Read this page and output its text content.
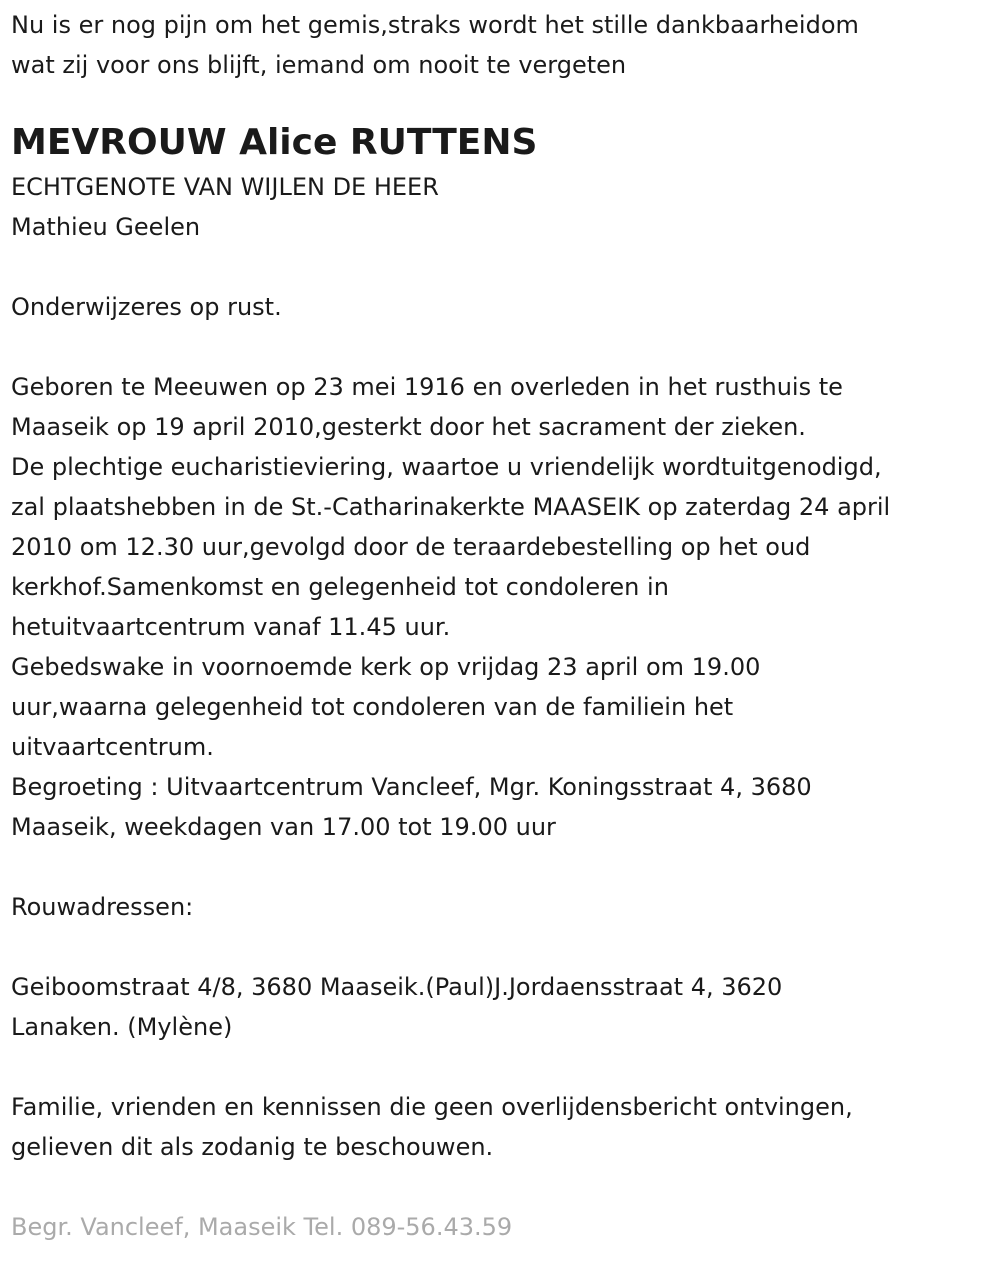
Nu is er nog pijn om het gemis,straks wordt het stille dankbaarheidom
wat zij voor ons blijft, iemand om nooit te vergeten
MEVROUW Alice RUTTENS
ECHTGENOTE VAN WIJLEN DE HEER
Mathieu Geelen
Onderwijzeres op rust.
Geboren te Meeuwen op 23 mei 1916 en overleden in het rusthuis te
Maaseik op 19 april 2010,gesterkt door het sacrament der zieken.
De plechtige eucharistieviering, waartoe u vriendelijk wordtuitgenodigd,
zal plaatshebben in de St.-Catharinakerkte MAASEIK op zaterdag 24 april
2010 om 12.30 uur,gevolgd door de teraardebestelling op het oud
kerkhof.Samenkomst en gelegenheid tot condoleren in
hetuitvaartcentrum vanaf 11.45 uur.
Gebedswake in voornoemde kerk op vrijdag 23 april om 19.00
uur,waarna gelegenheid tot condoleren van de familiein het
uitvaartcentrum.
Begroeting : Uitvaartcentrum Vancleef, Mgr. Koningsstraat 4, 3680
Maaseik, weekdagen van 17.00 tot 19.00 uur
Rouwadressen:
Geiboomstraat 4/8, 3680 Maaseik.(Paul)J.Jordaensstraat 4, 3620
Lanaken. (Mylène)
Familie, vrienden en kennissen die geen overlijdensbericht ontvingen,
gelieven dit als zodanig te beschouwen.
Begr. Vancleef, Maaseik Tel. 089-56.43.59
